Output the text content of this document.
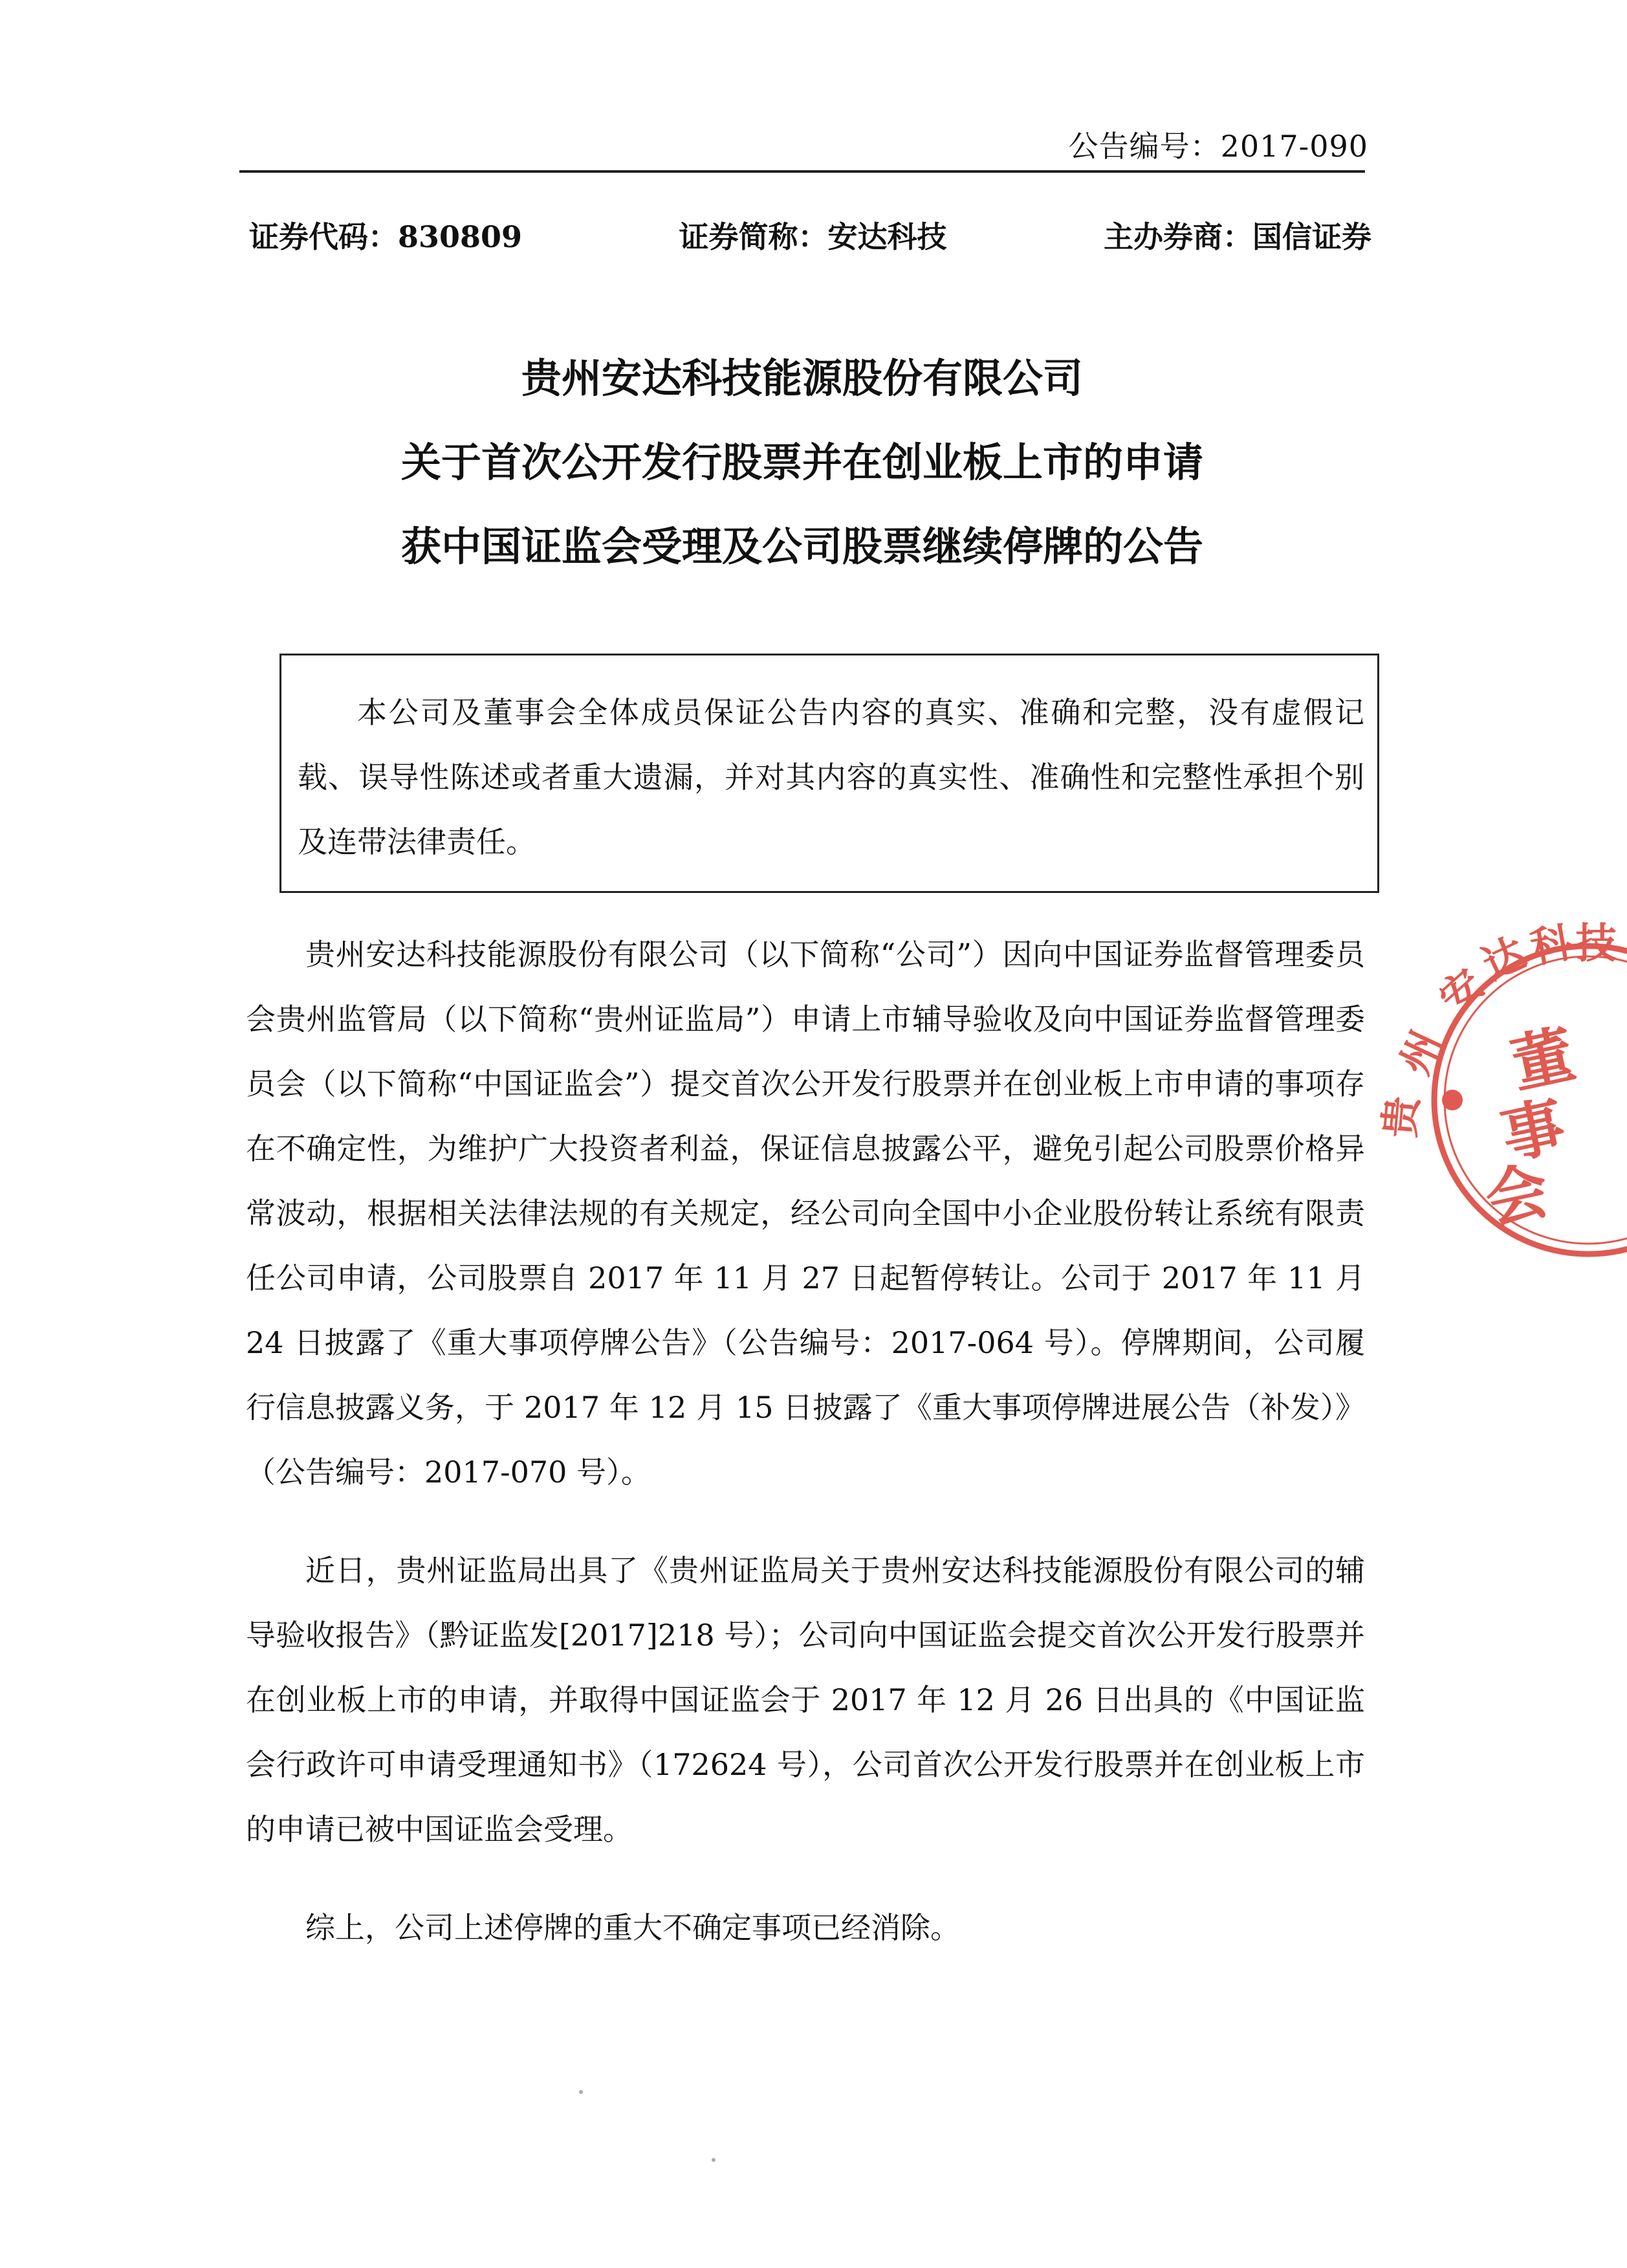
公告编号：2017-090
证券代码：830809	证券简称：安达科技	主办券商：国信证券
贵州安达科技能源股份有限公司
关于首次公开发行股票并在创业板上市的申请
获中国证监会受理及公司股票继续停牌的公告
本公司及董事会全体成员保证公告内容的真实、准确和完整，没有虚假记载、误导性陈述或者重大遗漏，并对其内容的真实性、准确性和完整性承担个别及连带法律责任。

贵州安达科技能源股份有限公司（以下简称“公司”）因向中国证券监督管理委员会贵州监管局（以下简称“贵州证监局”）申请上市辅导验收及向中国证券监督管理委员会（以下简称“中国证监会”）提交首次公开发行股票并在创业板上市申请的事项存在不确定性，为维护广大投资者利益，保证信息披露公平，避免引起公司股票价格异常波动，根据相关法律法规的有关规定，经公司向全国中小企业股份转让系统有限责任公司申请，公司股票自 2017 年 11 月 27 日起暂停转让。公司于 2017 年 11 月 24 日披露了《重大事项停牌公告》（公告编号：2017-064 号）。停牌期间，公司履行信息披露义务，于 2017 年 12 月 15 日披露了《重大事项停牌进展公告（补发）》（公告编号：2017-070 号）。

近日，贵州证监局出具了《贵州证监局关于贵州安达科技能源股份有限公司的辅导验收报告》（黔证监发[2017]218 号）；公司向中国证监会提交首次公开发行股票并在创业板上市的申请，并取得中国证监会于 2017 年 12 月 26 日出具的《中国证监会行政许可申请受理通知书》（172624 号），公司首次公开发行股票并在创业板上市的申请已被中国证监会受理。

综上，公司上述停牌的重大不确定事项已经消除。

安
达
科 技
州
贵
董
事
会
